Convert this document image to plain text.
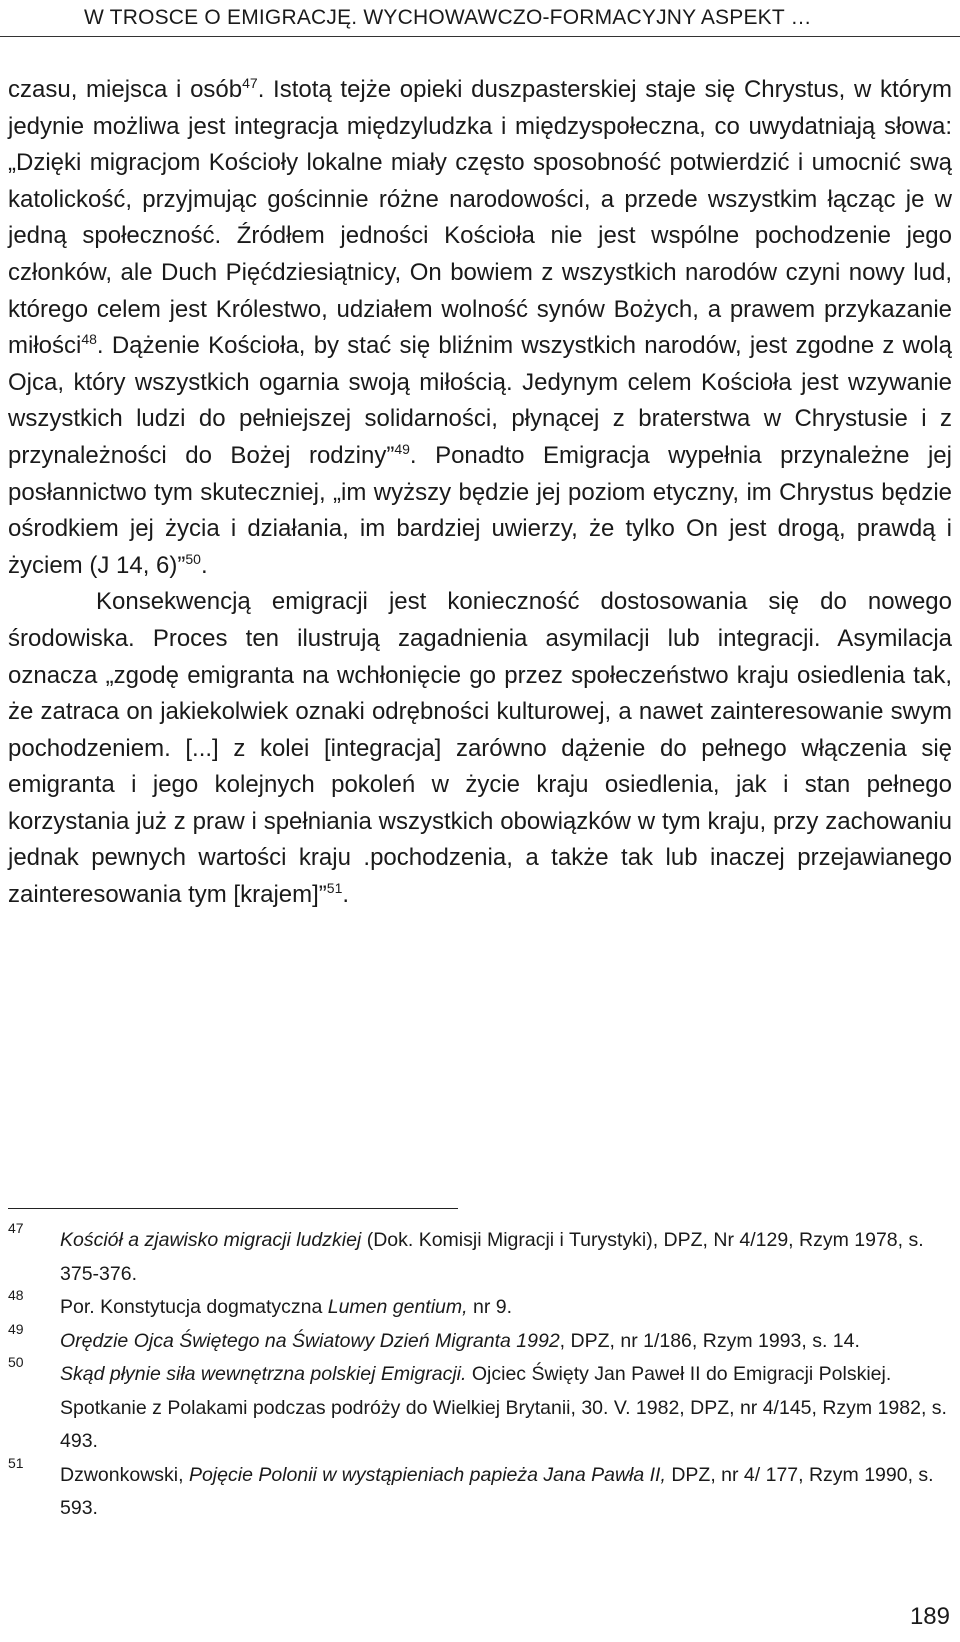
W TROSCE O EMIGRACJĘ. WYCHOWAWCZO-FORMACYJNY ASPEKT …

czasu, miejsca i osób$^{47}$. Istotą tejże opieki duszpasterskiej staje się Chrystus, w którym jedynie możliwa jest integracja międzyludzka i międzyspołeczna, co uwydatniają słowa: „Dzięki migracjom Kościoły lokalne miały często sposobność potwierdzić i umocnić swą katolickość, przyjmując gościnnie różne narodowości, a przede wszystkim łącząc je w jedną społeczność. Źródłem jedności Kościoła nie jest wspólne pochodzenie jego członków, ale Duch Pięćdziesiątnicy, On bowiem z wszystkich narodów czyni nowy lud, którego celem jest Królestwo, udziałem wolność synów Bożych, a prawem przykazanie miłości$^{48}$. Dążenie Kościoła, by stać się bliźnim wszystkich narodów, jest zgodne z wolą Ojca, który wszystkich ogarnia swoją miłością. Jedynym celem Kościoła jest wzywanie wszystkich ludzi do pełniejszej solidarności, płynącej z braterstwa w Chrystusie i z przynależności do Bożej rodziny”$^{49}$. Ponadto Emigracja wypełnia przynależne jej posłannictwo tym skuteczniej, „im wyższy będzie jej poziom etyczny, im Chrystus będzie ośrodkiem jej życia i działania, im bardziej uwierzy, że tylko On jest drogą, prawdą i życiem (J 14, 6)”$^{50}$.

Konsekwencją emigracji jest konieczność dostosowania się do nowego środowiska. Proces ten ilustrują zagadnienia asymilacji lub integracji. Asymilacja oznacza „zgodę emigranta na wchłonięcie go przez społeczeństwo kraju osiedlenia tak, że zatraca on jakiekolwiek oznaki odrębności kulturowej, a nawet zainteresowanie swym pochodzeniem. [...] z kolei [integracja] zarówno dążenie do pełnego włączenia się emigranta i jego kolejnych pokoleń w życie kraju osiedlenia, jak i stan pełnego korzystania już z praw i spełniania wszystkich obowiązków w tym kraju, przy zachowaniu jednak pewnych wartości kraju .pochodzenia, a także tak lub inaczej przejawianego zainteresowania tym [krajem]”$^{51}$.

47
Kościół a zjawisko migracji ludzkiej (Dok. Komisji Migracji i Turystyki), DPZ, Nr 4/129, Rzym 1978, s. 375-376.
48
Por. Konstytucja dogmatyczna Lumen gentium, nr 9.
49
Orędzie Ojca Świętego na Światowy Dzień Migranta 1992, DPZ, nr 1/186, Rzym 1993, s. 14.
50
Skąd płynie siła wewnętrzna polskiej Emigracji. Ojciec Święty Jan Paweł II do Emigracji Polskiej. Spotkanie z Polakami podczas podróży do Wielkiej Brytanii, 30. V. 1982, DPZ, nr 4/145, Rzym 1982, s. 493.
51
Dzwonkowski, Pojęcie Polonii w wystąpieniach papieża Jana Pawła II, DPZ, nr 4/ 177, Rzym 1990, s. 593.
189
